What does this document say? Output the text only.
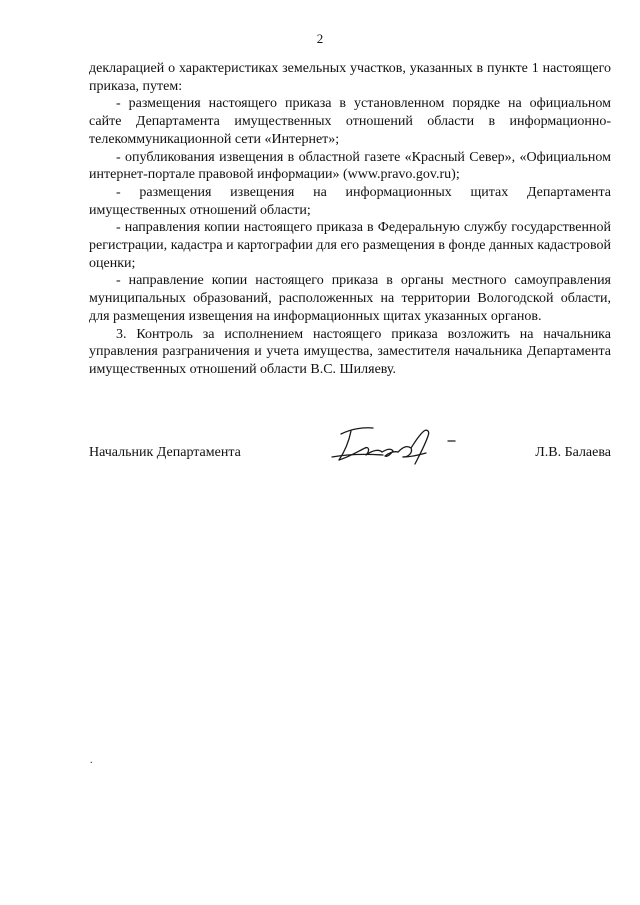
2

декларацией о характеристиках земельных участков, указанных в пункте 1 настоящего приказа, путем:

- размещения настоящего приказа в установленном порядке на официальном сайте Департамента имущественных отношений области в информационно-телекоммуникационной сети «Интернет»;

- опубликования извещения в областной газете «Красный Север», «Официальном интернет-портале правовой информации» (www.pravo.gov.ru);

- размещения извещения на информационных щитах Департамента имущественных отношений области;

- направления копии настоящего приказа в Федеральную службу государственной регистрации, кадастра и картографии для его размещения в фонде данных кадастровой оценки;

- направление копии настоящего приказа в органы местного самоуправления муниципальных образований, расположенных на территории Вологодской области, для размещения извещения на информационных щитах указанных органов.

3. Контроль за исполнением настоящего приказа возложить на начальника управления разграничения и учета имущества, заместителя начальника Департамента имущественных отношений области В.С. Шиляеву.

Начальник Департамента	Л.В. Балаева
.
